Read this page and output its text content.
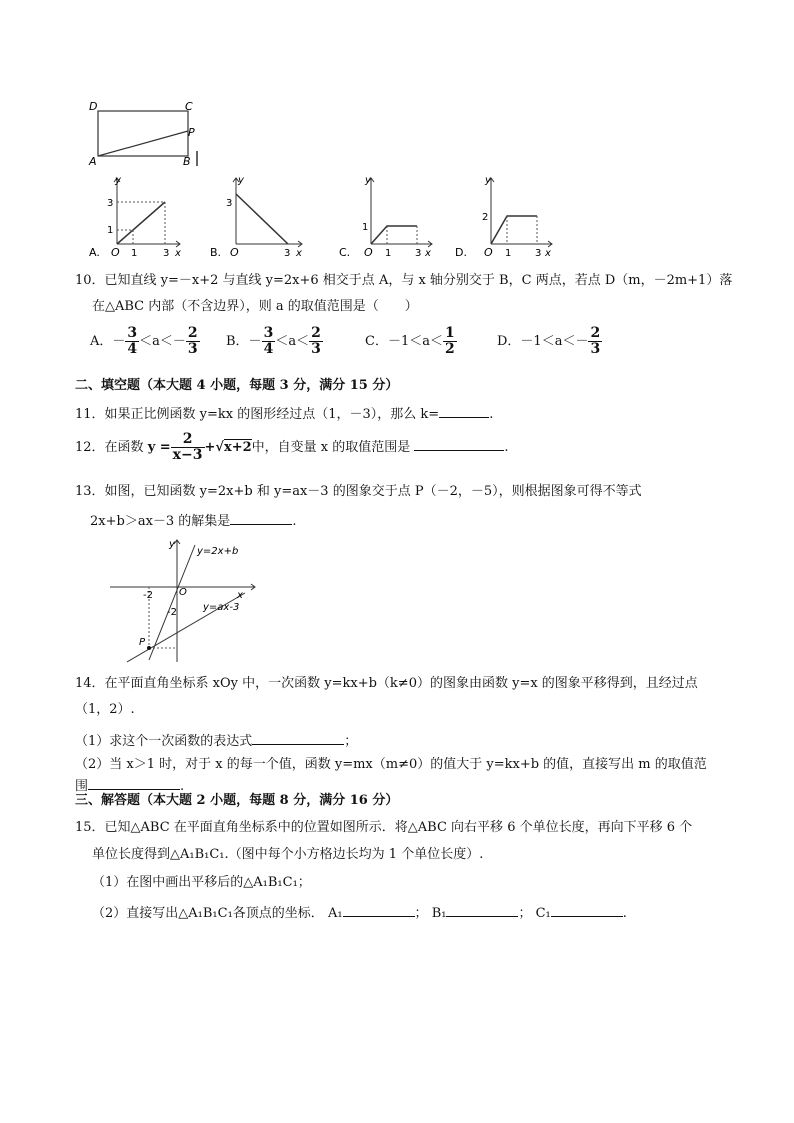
D	C
P
A	B
y
3
1
O 1	3 x
A.
y
3
O	3 x
B.
y
1
O 1 3 x
C.
y
2
O 1 3 x
D.
10．已知直线 y=－x+2 与直线 y=2x+6 相交于点 A，与 x 轴分别交于 B，C 两点，若点 D（m，－2m+1）落
在△ABC 内部（不含边界），则 a 的取值范围是（　　）
A．－ $\frac{3}{4} <a<- \frac{2}{3}$ B．－ $\frac{3}{4} <a< \frac{2}{3}$	C．$-1<a< \frac{1}{2}$	D．$-1<a<- \frac{2}{3}$
二、填空题（本大题 4 小题，每题 3 分，满分 15 分）
11．如果正比例函数 y=kx 的图形经过点（1，－3），那么 k=	.
12．在函数 $y = \frac{2}{x-3} +√x+2$中，自变量 x 的取值范围是	.
13．如图，已知函数 y=2x+b 和 y=ax－3 的图象交于点 P（－2，－5），则根据图象可得不等式
2x+b＞ax－3 的解集是	.
y
y=2x+b
-2	O
-2
x
y=ax-3
P
14．在平面直角坐标系 xOy 中，一次函数 y=kx+b（k≠0）的图象由函数 y=x 的图象平移得到，且经过点
（1，2）.
（1）求这个一次函数的表达式	；
（2）当 x＞1 时，对于 x 的每一个值，函数 y=mx（m≠0）的值大于 y=kx+b 的值，直接写出 m 的取值范
围	.
三、解答题（本大题 2 小题，每题 8 分，满分 16 分）
15．已知△ABC 在平面直角坐标系中的位置如图所示．将△ABC 向右平移 6 个单位长度，再向下平移 6 个
单位长度得到△A₁B₁C₁.（图中每个小方格边长均为 1 个单位长度）.
（1）在图中画出平移后的△A₁B₁C₁；
（2）直接写出△A₁B₁C₁各顶点的坐标． A₁	； B₁	； C₁	.
